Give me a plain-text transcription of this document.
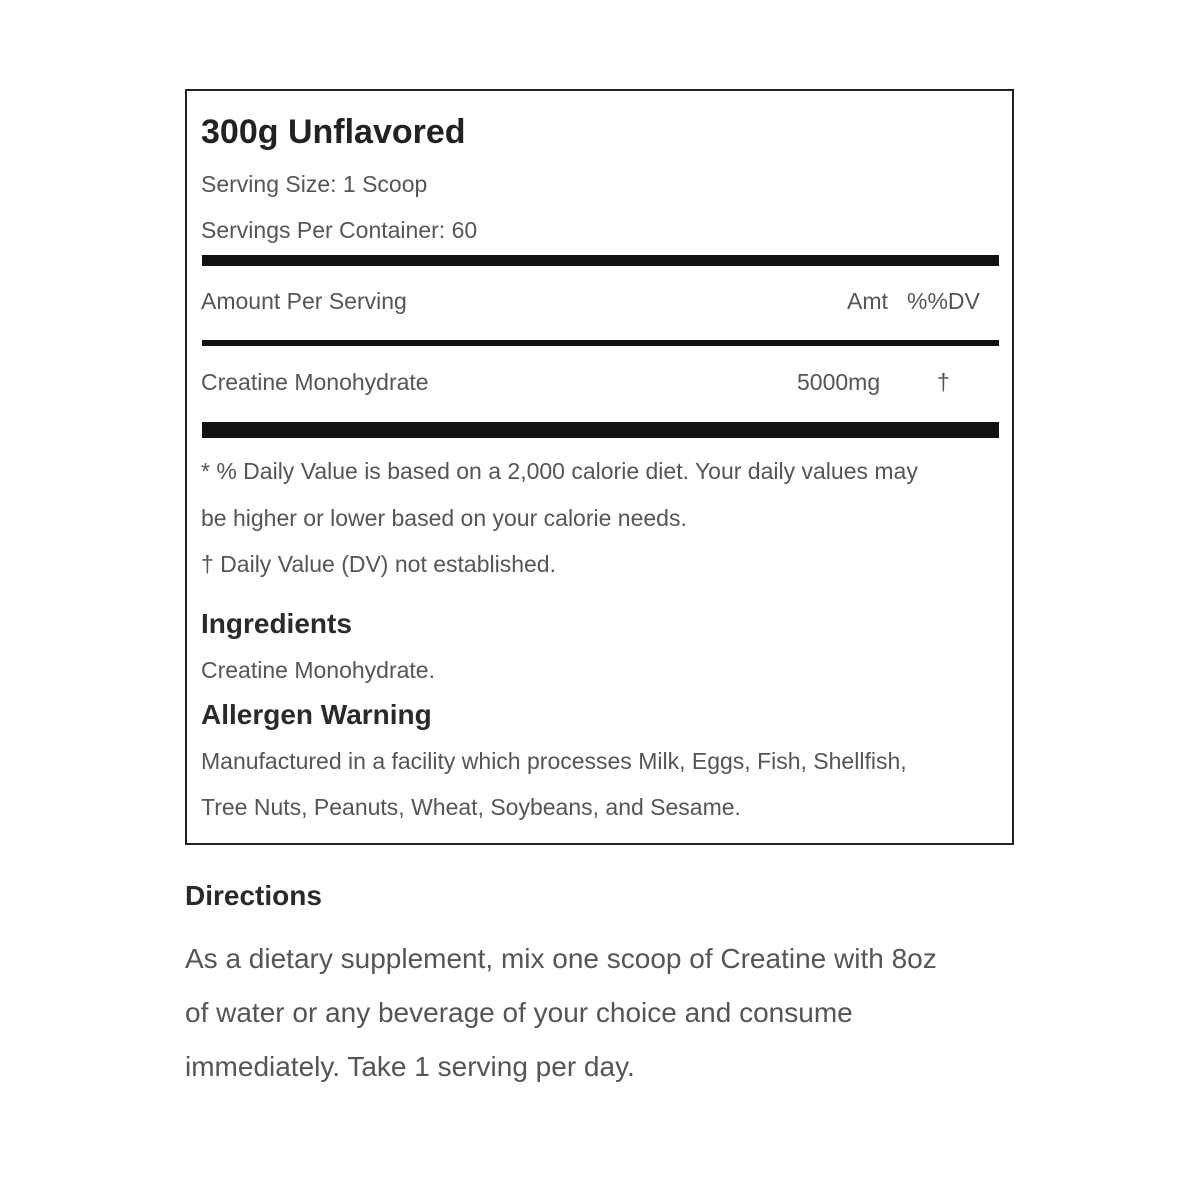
300g Unflavored
Serving Size: 1 Scoop
Servings Per Container: 60
Amount Per Serving	Amt %%DV
Creatine Monohydrate	5000mg †
* % Daily Value is based on a 2,000 calorie diet. Your daily values may
be higher or lower based on your calorie needs.
† Daily Value (DV) not established.
Ingredients
Creatine Monohydrate.
Allergen Warning
Manufactured in a facility which processes Milk, Eggs, Fish, Shellfish,
Tree Nuts, Peanuts, Wheat, Soybeans, and Sesame.
Directions
As a dietary supplement, mix one scoop of Creatine with 8oz
of water or any beverage of your choice and consume
immediately. Take 1 serving per day.
